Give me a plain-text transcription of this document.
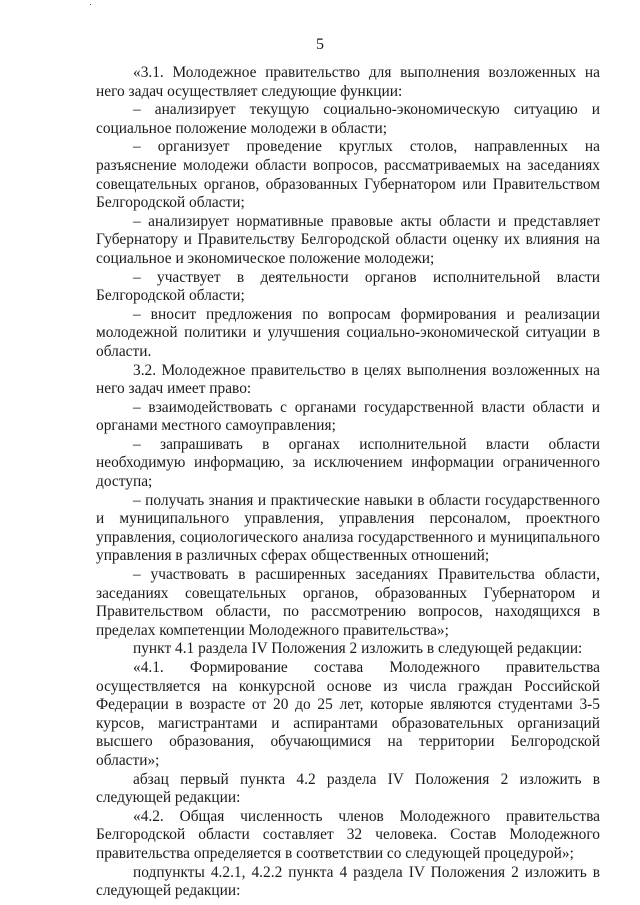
5

«3.1. Молодежное правительство для выполнения возложенных на него задач осуществляет следующие функции:

– анализирует текущую социально-экономическую ситуацию и социальное положение молодежи в области;

– организует проведение круглых столов, направленных на разъяснение молодежи области вопросов, рассматриваемых на заседаниях совещательных органов, образованных Губернатором или Правительством Белгородской области;

– анализирует нормативные правовые акты области и представляет Губернатору и Правительству Белгородской области оценку их влияния на социальное и экономическое положение молодежи;

– участвует в деятельности органов исполнительной власти Белгородской области;

– вносит предложения по вопросам формирования и реализации молодежной политики и улучшения социально-экономической ситуации в области.

3.2. Молодежное правительство в целях выполнения возложенных на него задач имеет право:

– взаимодействовать с органами государственной власти области и органами местного самоуправления;

– запрашивать в органах исполнительной власти области необходимую информацию, за исключением информации ограниченного доступа;

– получать знания и практические навыки в области государственного и муниципального управления, управления персоналом, проектного управления, социологического анализа государственного и муниципального управления в различных сферах общественных отношений;

– участвовать в расширенных заседаниях Правительства области, заседаниях совещательных органов, образованных Губернатором и Правительством области, по рассмотрению вопросов, находящихся в пределах компетенции Молодежного правительства»;

пункт 4.1 раздела IV Положения 2 изложить в следующей редакции:

«4.1. Формирование состава Молодежного правительства осуществляется на конкурсной основе из числа граждан Российской Федерации в возрасте от 20 до 25 лет, которые являются студентами 3-5 курсов, магистрантами и аспирантами образовательных организаций высшего образования, обучающимися на территории Белгородской области»;

абзац первый пункта 4.2 раздела IV Положения 2 изложить в следующей редакции:

«4.2. Общая численность членов Молодежного правительства Белгородской области составляет 32 человека. Состав Молодежного правительства определяется в соответствии со следующей процедурой»;

подпункты 4.2.1, 4.2.2 пункта 4 раздела IV Положения 2 изложить в следующей редакции:
